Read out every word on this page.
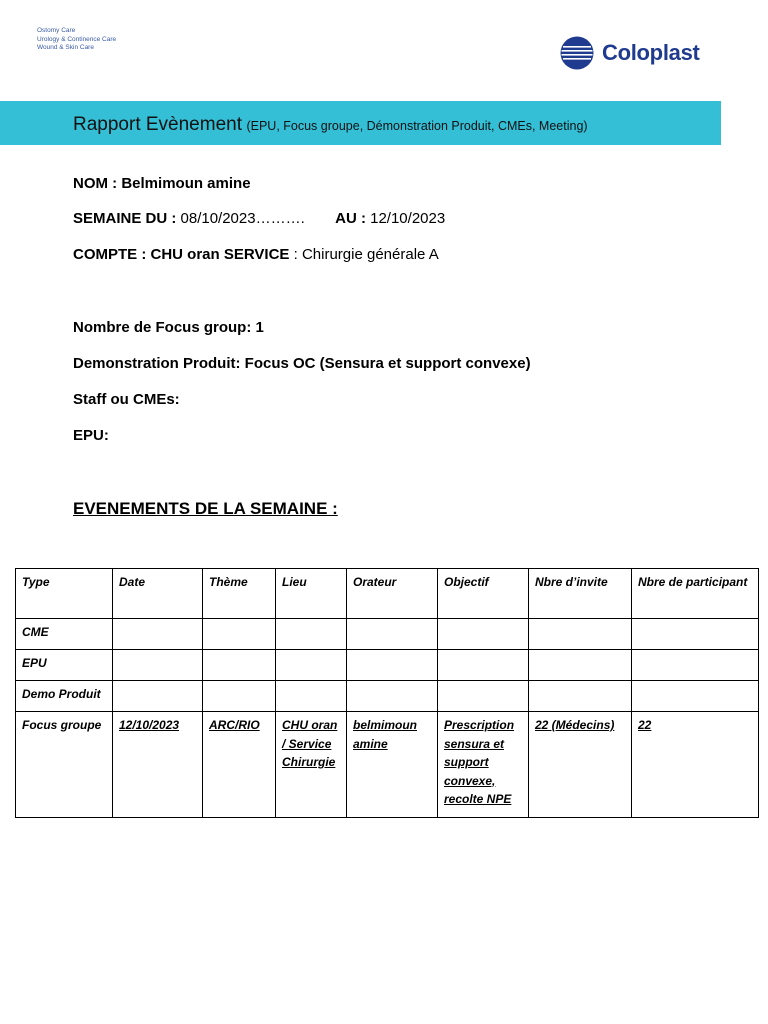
Ostomy Care
Urology & Continence Care
Wound & Skin Care	Coloplast
Rapport Evènement (EPU, Focus groupe, Démonstration Produit, CMEs, Meeting)
NOM : Belmimoun amine
SEMAINE DU : 08/10/2023………. AU : 12/10/2023
COMPTE : CHU oran SERVICE : Chirurgie générale A
Nombre de Focus group: 1
Demonstration Produit: Focus OC (Sensura et support convexe)
Staff ou CMEs:
EPU:
EVENEMENTS DE LA SEMAINE :
Type	Date	Thème	Lieu	Orateur	Objectif	Nbre d’invite	Nbre de participant
CME							
EPU							
Demo Produit							
Focus groupe	12/10/2023	ARC/RIO	CHU oran / Service Chirurgie	belmimoun amine	Prescription sensura et support convexe, recolte NPE	22 (Médecins)	22
